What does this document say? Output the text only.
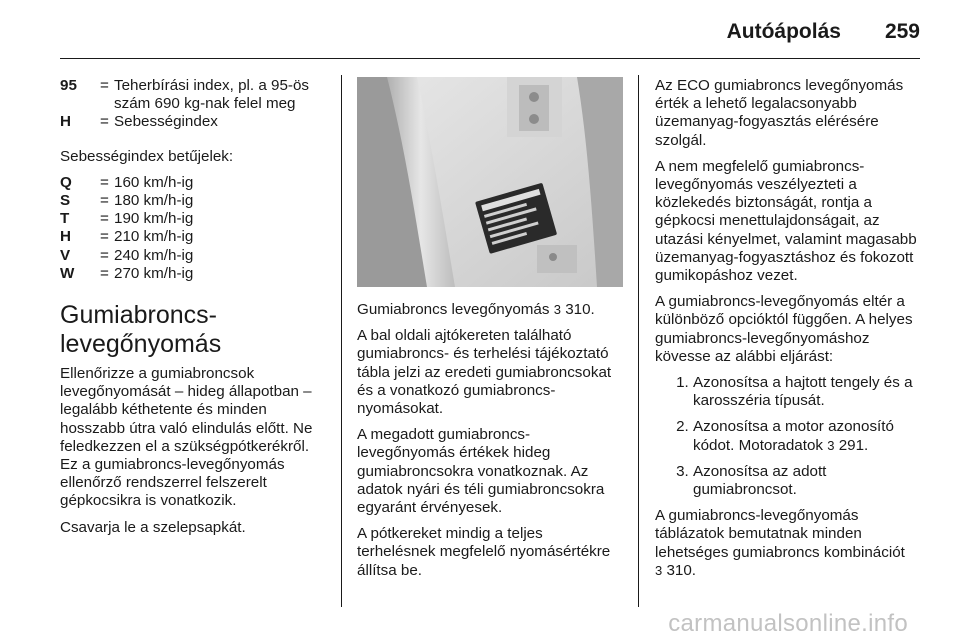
Autóápolás 259
95	= Teherbírási index, pl. a 95-ös szám 690 kg-nak felel meg
H	= Sebességindex

Sebességindex betűjelek:

Q	= 160 km/h-ig
S	= 180 km/h-ig
T	= 190 km/h-ig
H	= 210 km/h-ig
V	= 240 km/h-ig
W	= 270 km/h-ig
Gumiabroncs-levegőnyomás

Ellenőrizze a gumiabroncsok levegőnyomását – hideg állapotban – legalább kéthetente és minden hosszabb útra való elindulás előtt. Ne feledkezzen el a szükségpótkerékről. Ez a gumiabroncs-levegőnyomás ellenőrző rendszerrel felszerelt gépkocsikra is vonatkozik.

Csavarja le a szelepsapkát.

Gumiabroncs levegőnyomás 3 310.

A bal oldali ajtókereten található gumiabroncs- és terhelési tájékoztató tábla jelzi az eredeti gumiabroncsokat és a vonatkozó gumiabroncs-nyomásokat.

A megadott gumiabroncs-levegőnyomás értékek hideg gumiabroncsokra vonatkoznak. Az adatok nyári és téli gumiabroncsokra egyaránt érvényesek.

A pótkereket mindig a teljes terhelésnek megfelelő nyomásértékre állítsa be.

Az ECO gumiabroncs levegőnyomás érték a lehető legalacsonyabb üzemanyag-fogyasztás elérésére szolgál.

A nem megfelelő gumiabroncs-levegőnyomás veszélyezteti a közlekedés biztonságát, rontja a gépkocsi menettulajdonságait, az utazási kényelmet, valamint magasabb üzemanyag-fogyasztáshoz és fokozott gumikopáshoz vezet.

A gumiabroncs-levegőnyomás eltér a különböző opcióktól függően. A helyes gumiabroncs-levegőnyomáshoz kövesse az alábbi eljárást:

1. Azonosítsa a hajtott tengely és a karosszéria típusát.
2. Azonosítsa a motor azonosító kódot. Motoradatok 3 291.
3. Azonosítsa az adott gumiabroncsot.

A gumiabroncs-levegőnyomás táblázatok bemutatnak minden lehetséges gumiabroncs kombinációt
3 310.

carmanualsonline.info
